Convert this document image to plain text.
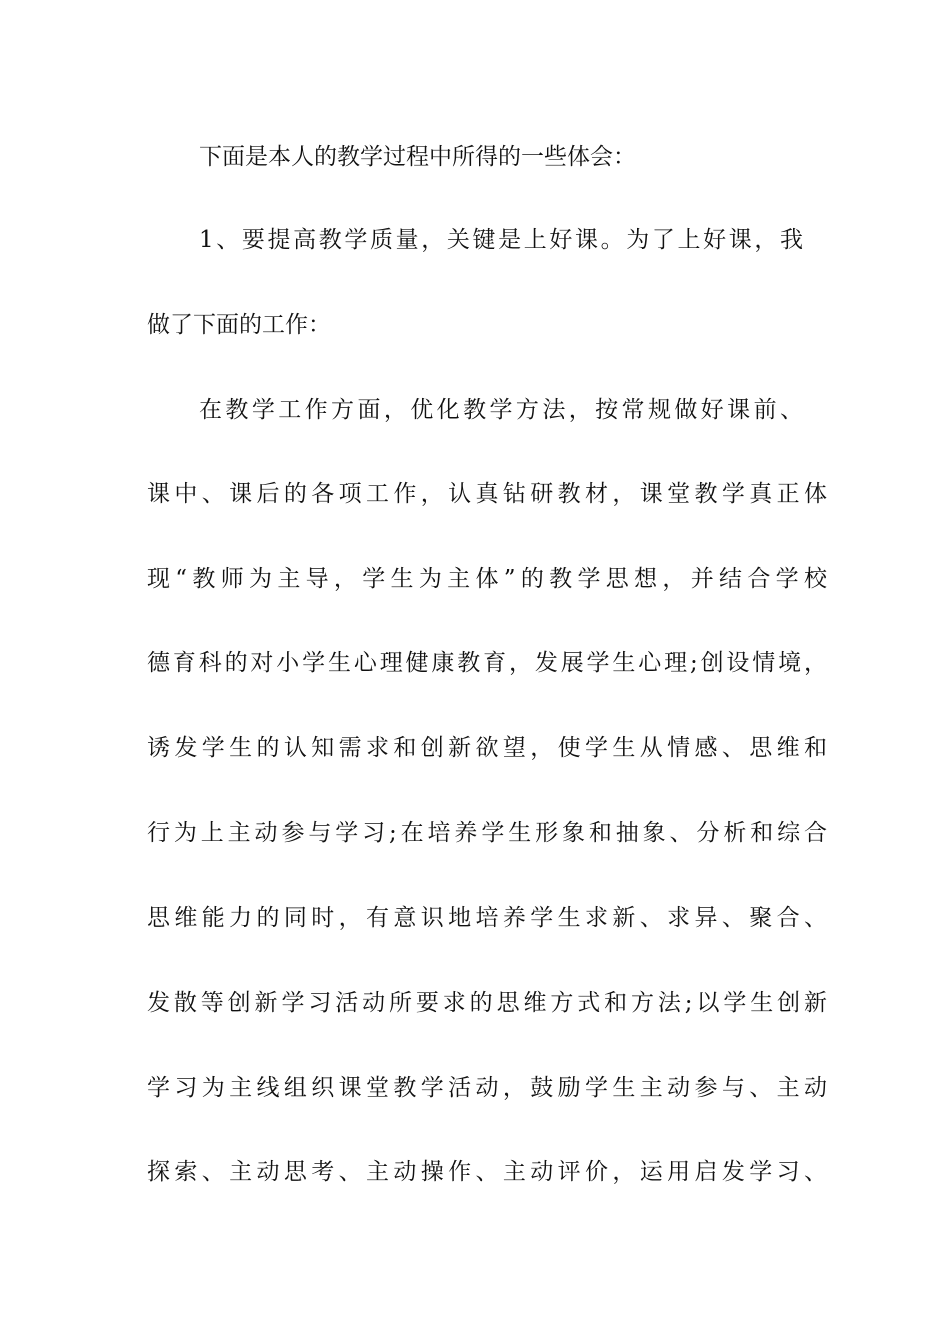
下面是本人的教学过程中所得的一些体会：
1、要提高教学质量，关键是上好课。为了上好课，我
做了下面的工作：
在教学工作方面，优化教学方法，按常规做好课前、
课中、课后的各项工作，认真钻研教材，课堂教学真正体
现“教师为主导，学生为主体”的教学思想，并结合学校
德育科的对小学生心理健康教育，发展学生心理;创设情境，
诱发学生的认知需求和创新欲望，使学生从情感、思维和
行为上主动参与学习;在培养学生形象和抽象、分析和综合
思维能力的同时，有意识地培养学生求新、求异、聚合、
发散等创新学习活动所要求的思维方式和方法;以学生创新
学习为主线组织课堂教学活动，鼓励学生主动参与、主动
探索、主动思考、主动操作、主动评价，运用启发学习、
